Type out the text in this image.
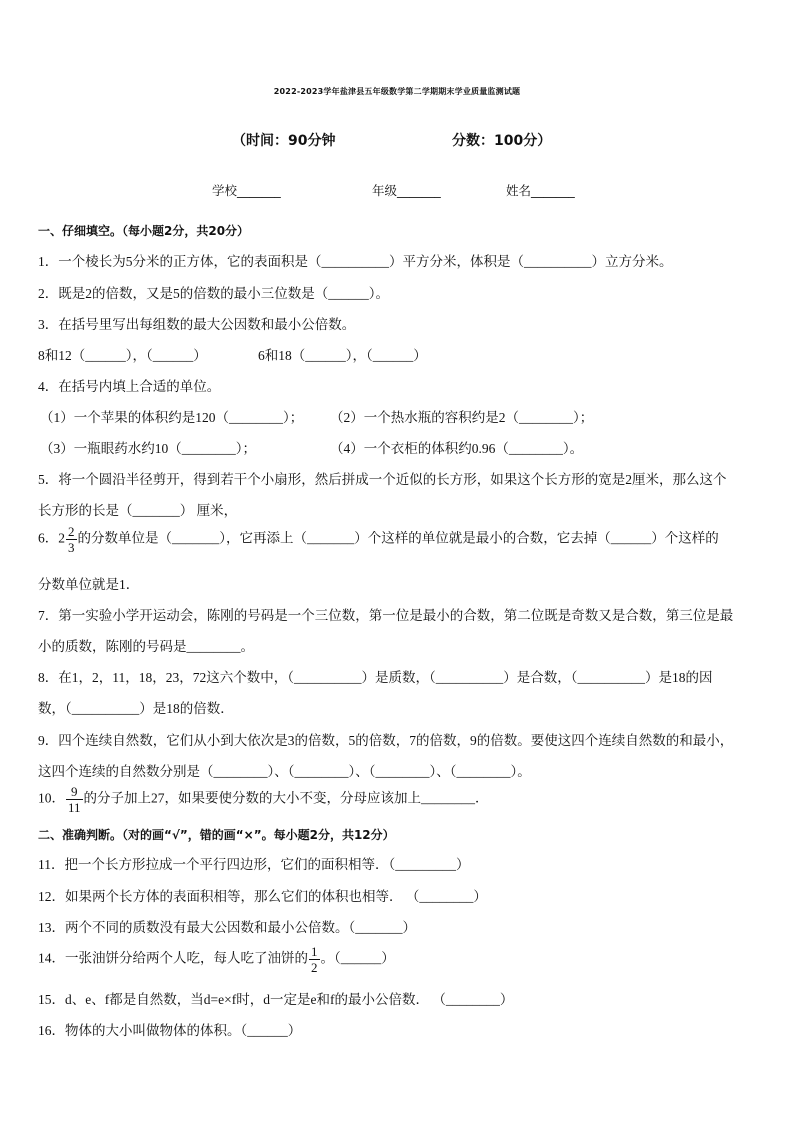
2022-2023学年盐津县五年级数学第二学期期末学业质量监测试题
（时间：90分钟	分数：100分）
学校_______	年级_______	姓名_______
一、仔细填空。（每小题2分，共20分）
1．一个棱长为5分米的正方体，它的表面积是（__________）平方分米，体积是（__________）立方分米。
2．既是2的倍数，又是5的倍数的最小三位数是（______）。
3．在括号里写出每组数的最大公因数和最小公倍数。
8和12（______），（______）	6和18（______），（______）
4．在括号内填上合适的单位。
（1）一个苹果的体积约是120（________）； （2）一个热水瓶的容积约是2（________）；
（3）一瓶眼药水约10（________）；	（4）一个衣柜的体积约0.96（________）。
5．将一个圆沿半径剪开，得到若干个小扇形，然后拼成一个近似的长方形，如果这个长方形的宽是2厘米，那么这个
长方形的长是（_______） 厘米，
6．$2 \frac{2}{3}$ 的分数单位是（_______），它再添上（_______）个这样的单位就是最小的合数，它去掉（______）个这样的
分数单位就是1．
7．第一实验小学开运动会，陈刚的号码是一个三位数，第一位是最小的合数，第二位既是奇数又是合数，第三位是最
小的质数，陈刚的号码是________。
8．在1，2，11，18，23，72这六个数中，（__________）是质数，（__________）是合数，（__________）是18的因
数，（__________）是18的倍数．
9．四个连续自然数，它们从小到大依次是3的倍数，5的倍数，7的倍数，9的倍数。要使这四个连续自然数的和最小，
这四个连续的自然数分别是（________）、（________）、（________）、（________）。
10． $\frac{9}{11}$ 的分子加上27，如果要使分数的大小不变，分母应该加上________．
二、准确判断。（对的画“√”，错的画“×”。每小题2分，共12分）
11．把一个长方形拉成一个平行四边形，它们的面积相等．（_________）
12．如果两个长方体的表面积相等，那么它们的体积也相等． （________）
13．两个不同的质数没有最大公因数和最小公倍数。（_______）
14．一张油饼分给两个人吃，每人吃了油饼的 $\frac{1}{2}$ 。（______）
15．d、e、f都是自然数，当d=e×f时，d一定是e和f的最小公倍数． （________）
16．物体的大小叫做物体的体积。（______）
